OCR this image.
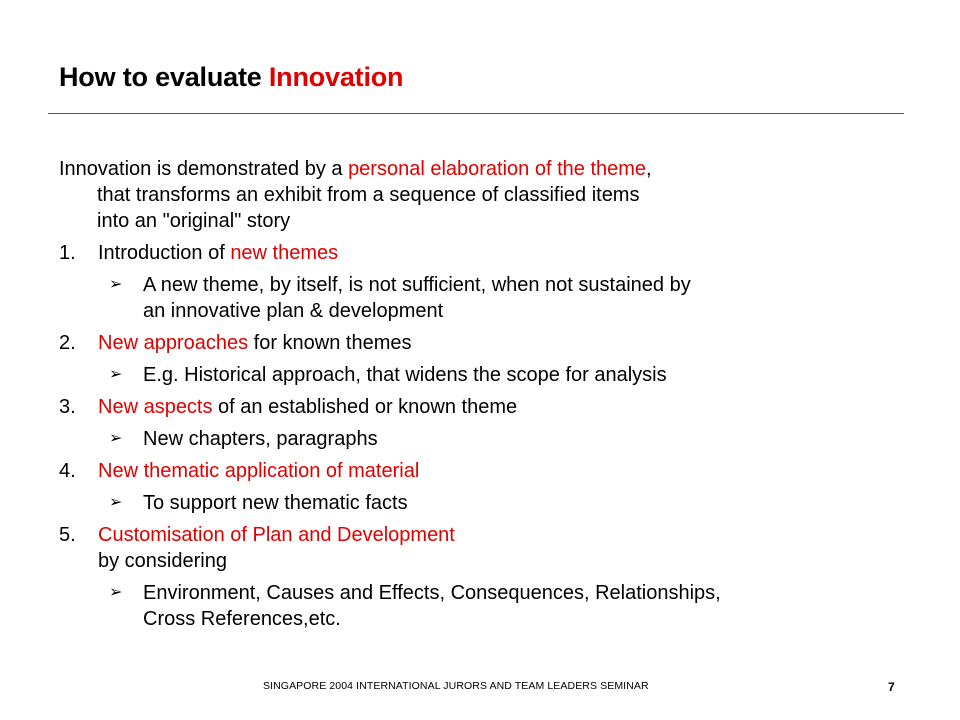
How to evaluate Innovation
Innovation is demonstrated by a personal elaboration of the theme,
that transforms an exhibit from a sequence of classified items
into an "original" story
1.	Introduction of new themes
➢ A new theme, by itself, is not sufficient, when not sustained by
an innovative plan & development
2.	New approaches for known themes
➢ E.g. Historical approach, that widens the scope for analysis
3.	New aspects of an established or known theme
➢ New chapters, paragraphs
4.	New thematic application of material
➢ To support new thematic facts
5.	Customisation of Plan and Development
by considering
➢ Environment, Causes and Effects, Consequences, Relationships,
Cross References,etc.
SINGAPORE 2004 INTERNATIONAL JURORS AND TEAM LEADERS SEMINAR	7
